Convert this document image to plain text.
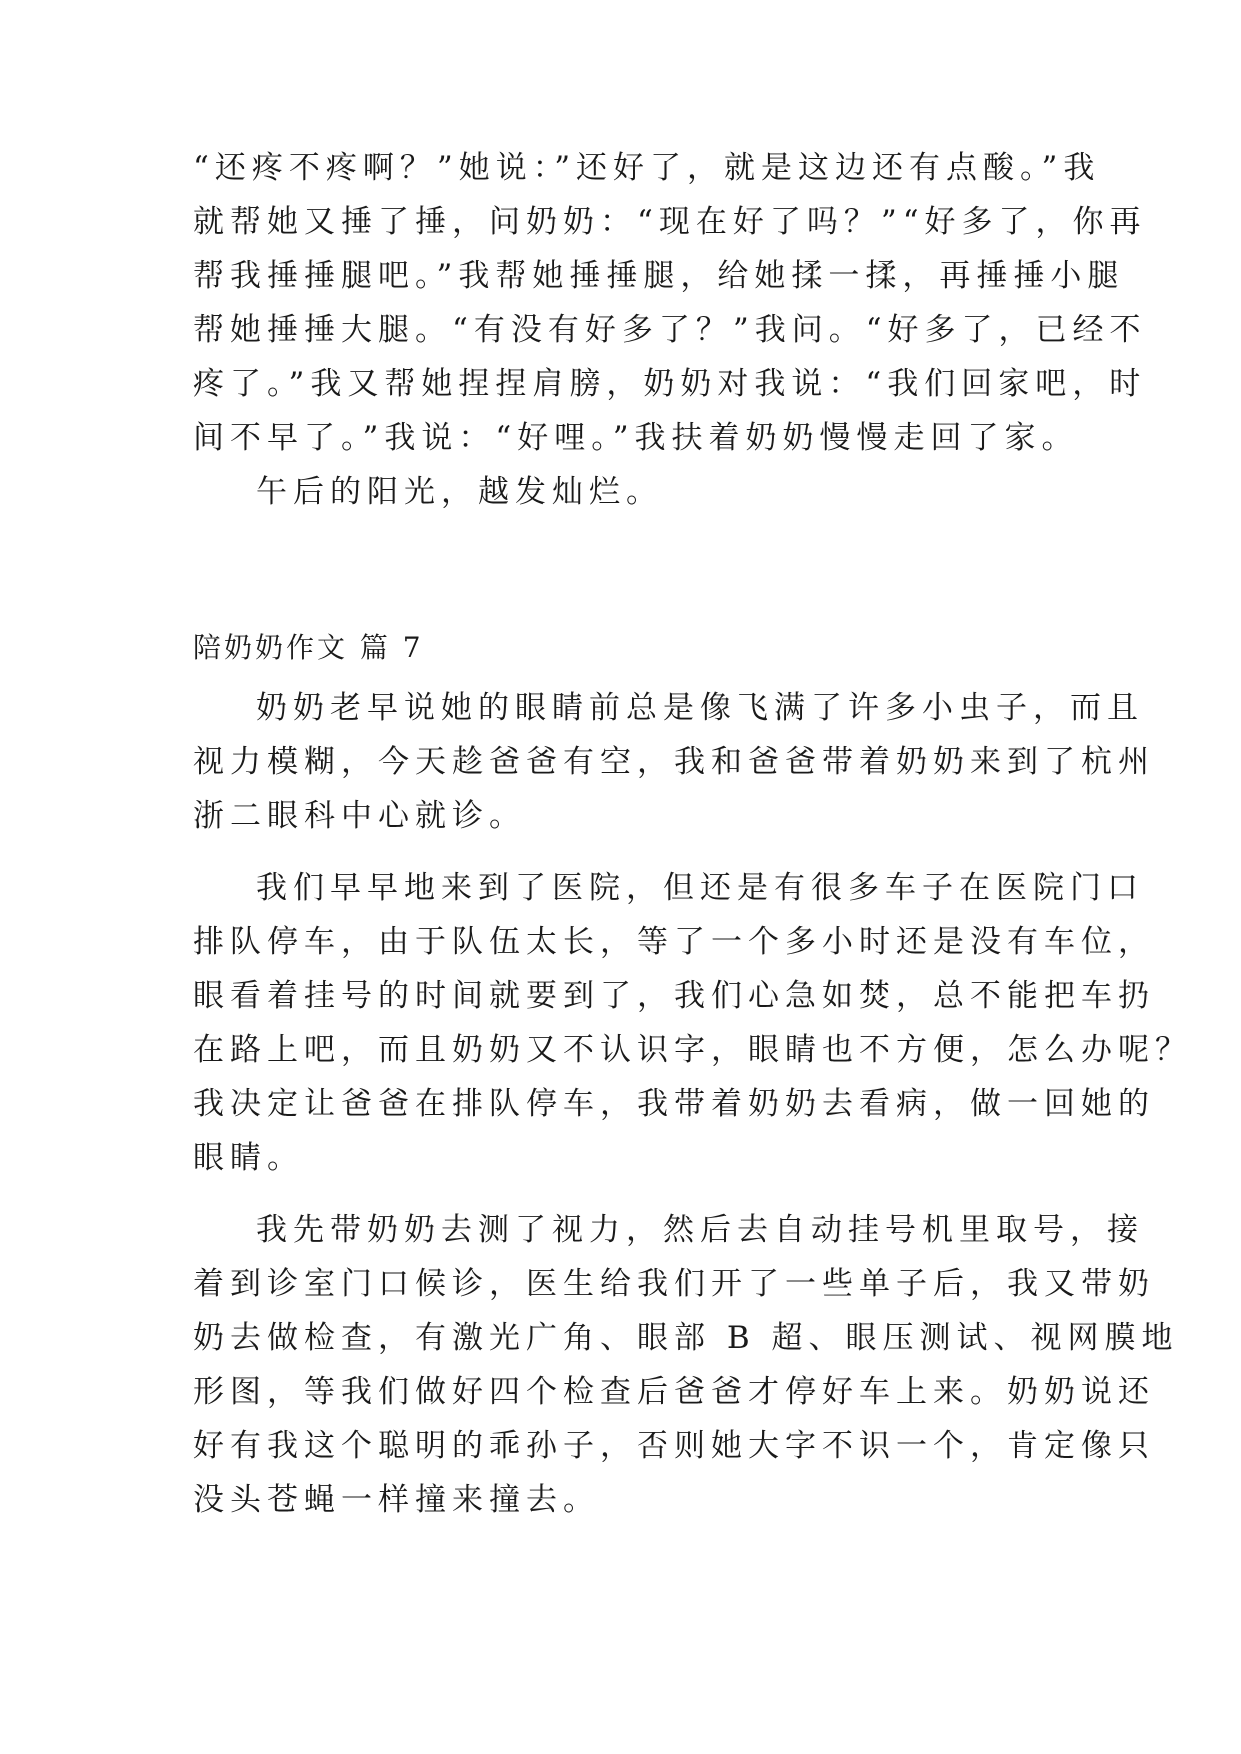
“还疼不疼啊？”她说：”还好了，就是这边还有点酸。”我
就帮她又捶了捶，问奶奶：“现在好了吗？”“好多了，你再
帮我捶捶腿吧。”我帮她捶捶腿，给她揉一揉，再捶捶小腿
帮她捶捶大腿。“有没有好多了？”我问。“好多了，已经不
疼了。”我又帮她捏捏肩膀，奶奶对我说：“我们回家吧，时
间不早了。”我说：“好哩。”我扶着奶奶慢慢走回了家。
午后的阳光，越发灿烂。
陪奶奶作文 篇 7
奶奶老早说她的眼睛前总是像飞满了许多小虫子，而且
视力模糊，今天趁爸爸有空，我和爸爸带着奶奶来到了杭州
浙二眼科中心就诊。
我们早早地来到了医院，但还是有很多车子在医院门口
排队停车，由于队伍太长，等了一个多小时还是没有车位，
眼看着挂号的时间就要到了，我们心急如焚，总不能把车扔
在路上吧，而且奶奶又不认识字，眼睛也不方便，怎么办呢？
我决定让爸爸在排队停车，我带着奶奶去看病，做一回她的
眼睛。
我先带奶奶去测了视力，然后去自动挂号机里取号，接
着到诊室门口候诊，医生给我们开了一些单子后，我又带奶
奶去做检查，有激光广角、眼部 B 超、眼压测试、视网膜地
形图，等我们做好四个检查后爸爸才停好车上来。奶奶说还
好有我这个聪明的乖孙子，否则她大字不识一个，肯定像只
没头苍蝇一样撞来撞去。
